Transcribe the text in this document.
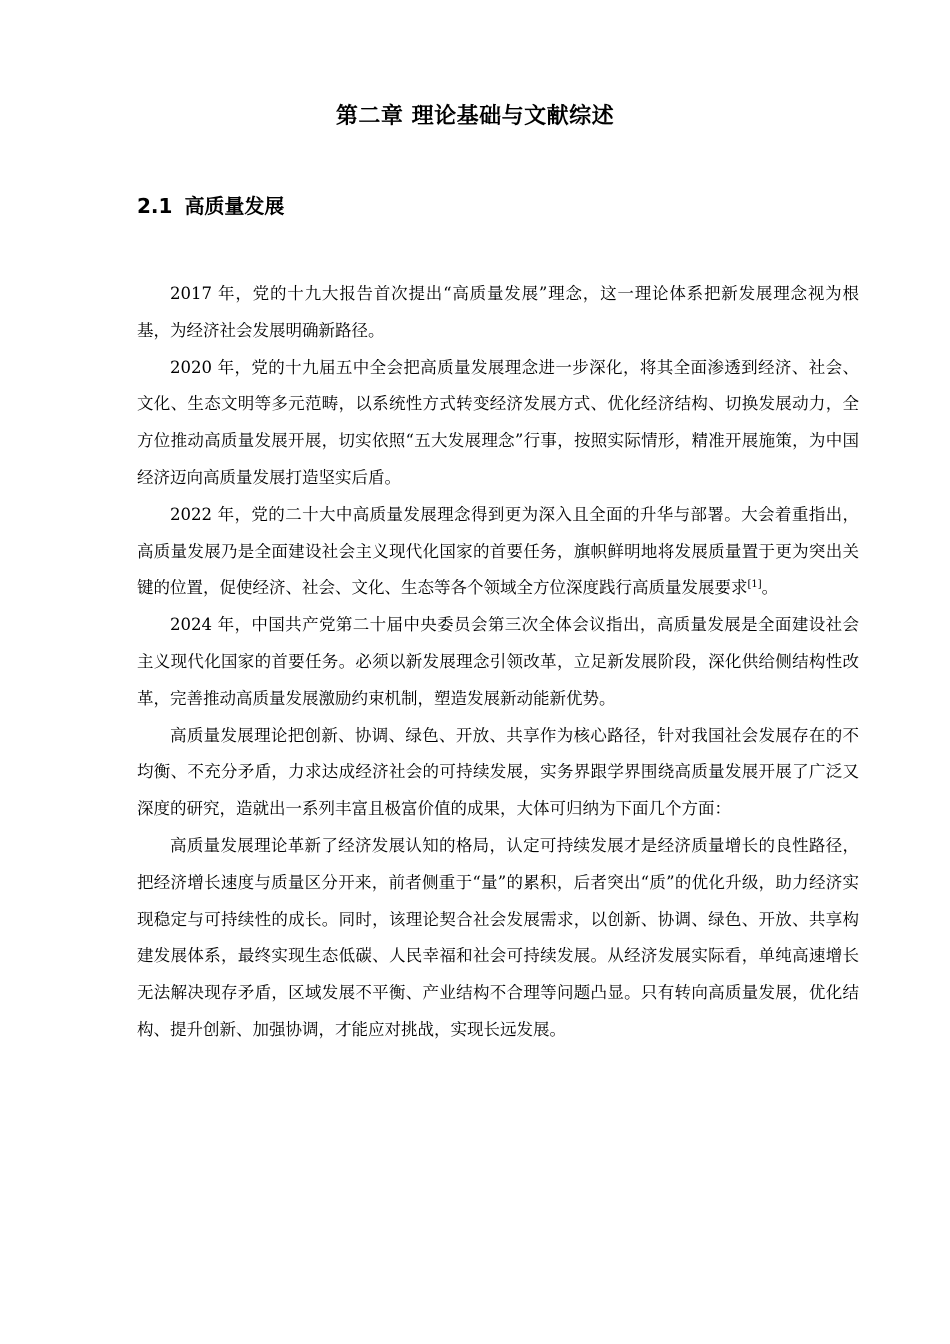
第二章 理论基础与文献综述
2.1 高质量发展

2017 年，党的十九大报告首次提出“高质量发展”理念，这一理论体系把新发展理念视为根基，为经济社会发展明确新路径。

2020 年，党的十九届五中全会把高质量发展理念进一步深化，将其全面渗透到经济、社会、文化、生态文明等多元范畴，以系统性方式转变经济发展方式、优化经济结构、切换发展动力，全方位推动高质量发展开展，切实依照“五大发展理念”行事，按照实际情形，精准开展施策，为中国经济迈向高质量发展打造坚实后盾。

2022 年，党的二十大中高质量发展理念得到更为深入且全面的升华与部署。大会着重指出，高质量发展乃是全面建设社会主义现代化国家的首要任务，旗帜鲜明地将发展质量置于更为突出关键的位置，促使经济、社会、文化、生态等各个领域全方位深度践行高质量发展要求[1]。

2024 年，中国共产党第二十届中央委员会第三次全体会议指出，高质量发展是全面建设社会主义现代化国家的首要任务。必须以新发展理念引领改革，立足新发展阶段，深化供给侧结构性改革，完善推动高质量发展激励约束机制，塑造发展新动能新优势。

高质量发展理论把创新、协调、绿色、开放、共享作为核心路径，针对我国社会发展存在的不均衡、不充分矛盾，力求达成经济社会的可持续发展，实务界跟学界围绕高质量发展开展了广泛又深度的研究，造就出一系列丰富且极富价值的成果，大体可归纳为下面几个方面：

高质量发展理论革新了经济发展认知的格局，认定可持续发展才是经济质量增长的良性路径，把经济增长速度与质量区分开来，前者侧重于“量”的累积，后者突出“质”的优化升级，助力经济实现稳定与可持续性的成长。同时，该理论契合社会发展需求，以创新、协调、绿色、开放、共享构建发展体系，最终实现生态低碳、人民幸福和社会可持续发展。从经济发展实际看，单纯高速增长无法解决现存矛盾，区域发展不平衡、产业结构不合理等问题凸显。只有转向高质量发展，优化结构、提升创新、加强协调，才能应对挑战，实现长远发展。
